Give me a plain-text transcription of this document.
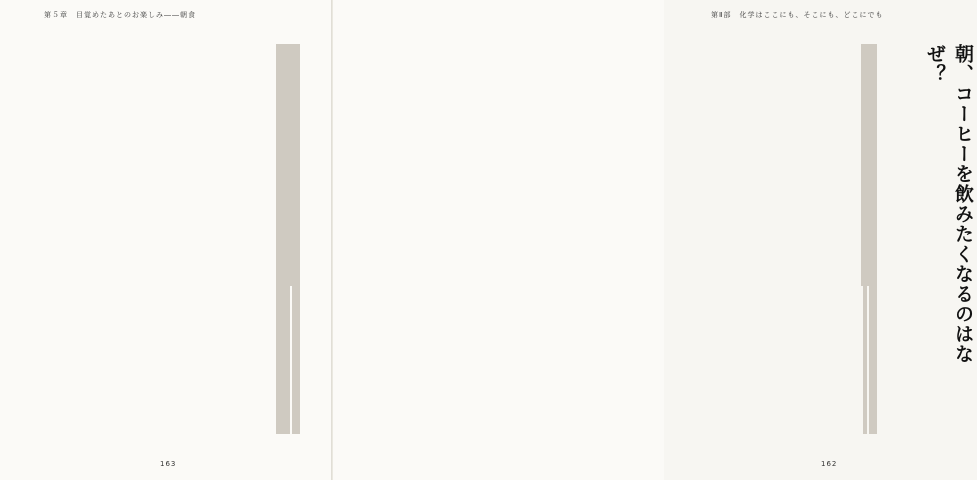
第５章　目覚めたあとのお楽しみ――朝食
163
第Ⅱ部　化学はここにも、そこにも、どこにでも
朝、コーヒーを飲みたくなるのはなぜ？
162
